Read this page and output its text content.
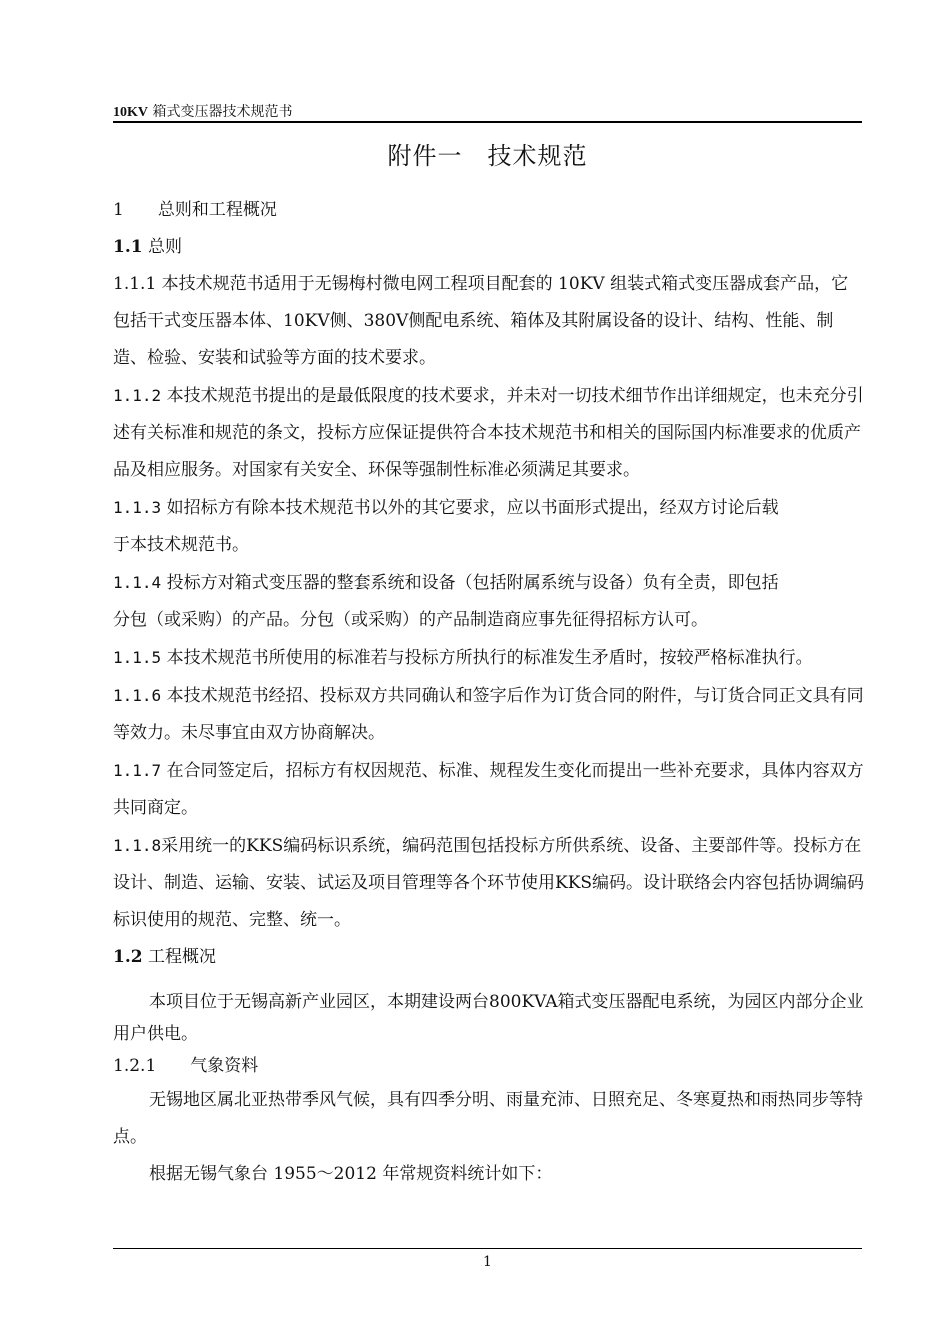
10KV 箱式变压器技术规范书
附件一　技术规范

1　　总则和工程概况

1.1 总则

1.1.1 本技术规范书适用于无锡梅村微电网工程项目配套的 10KV 组装式箱式变压器成套产品，它包括干式变压器本体、10KV侧、380V侧配电系统、箱体及其附属设备的设计、结构、性能、制造、检验、安装和试验等方面的技术要求。

1.1.2 本技术规范书提出的是最低限度的技术要求，并未对一切技术细节作出详细规定，也未充分引述有关标准和规范的条文，投标方应保证提供符合本技术规范书和相关的国际国内标准要求的优质产品及相应服务。对国家有关安全、环保等强制性标准必须满足其要求。

1.1.3 如招标方有除本技术规范书以外的其它要求，应以书面形式提出，经双方讨论后载

于本技术规范书。

1.1.4 投标方对箱式变压器的整套系统和设备（包括附属系统与设备）负有全责，即包括

分包（或采购）的产品。分包（或采购）的产品制造商应事先征得招标方认可。

1.1.5 本技术规范书所使用的标准若与投标方所执行的标准发生矛盾时，按较严格标准执行。

1.1.6 本技术规范书经招、投标双方共同确认和签字后作为订货合同的附件，与订货合同正文具有同等效力。未尽事宜由双方协商解决。

1.1.7 在合同签定后，招标方有权因规范、标准、规程发生变化而提出一些补充要求，具体内容双方共同商定。

1.1.8采用统一的KKS编码标识系统，编码范围包括投标方所供系统、设备、主要部件等。投标方在设计、制造、运输、安装、试运及项目管理等各个环节使用KKS编码。设计联络会内容包括协调编码标识使用的规范、完整、统一。

1.2 工程概况

本项目位于无锡高新产业园区，本期建设两台800KVA箱式变压器配电系统，为园区内部分企业用户供电。

1.2.1　　气象资料

无锡地区属北亚热带季风气候，具有四季分明、雨量充沛、日照充足、冬寒夏热和雨热同步等特点。

根据无锡气象台 1955～2012 年常规资料统计如下：

1
